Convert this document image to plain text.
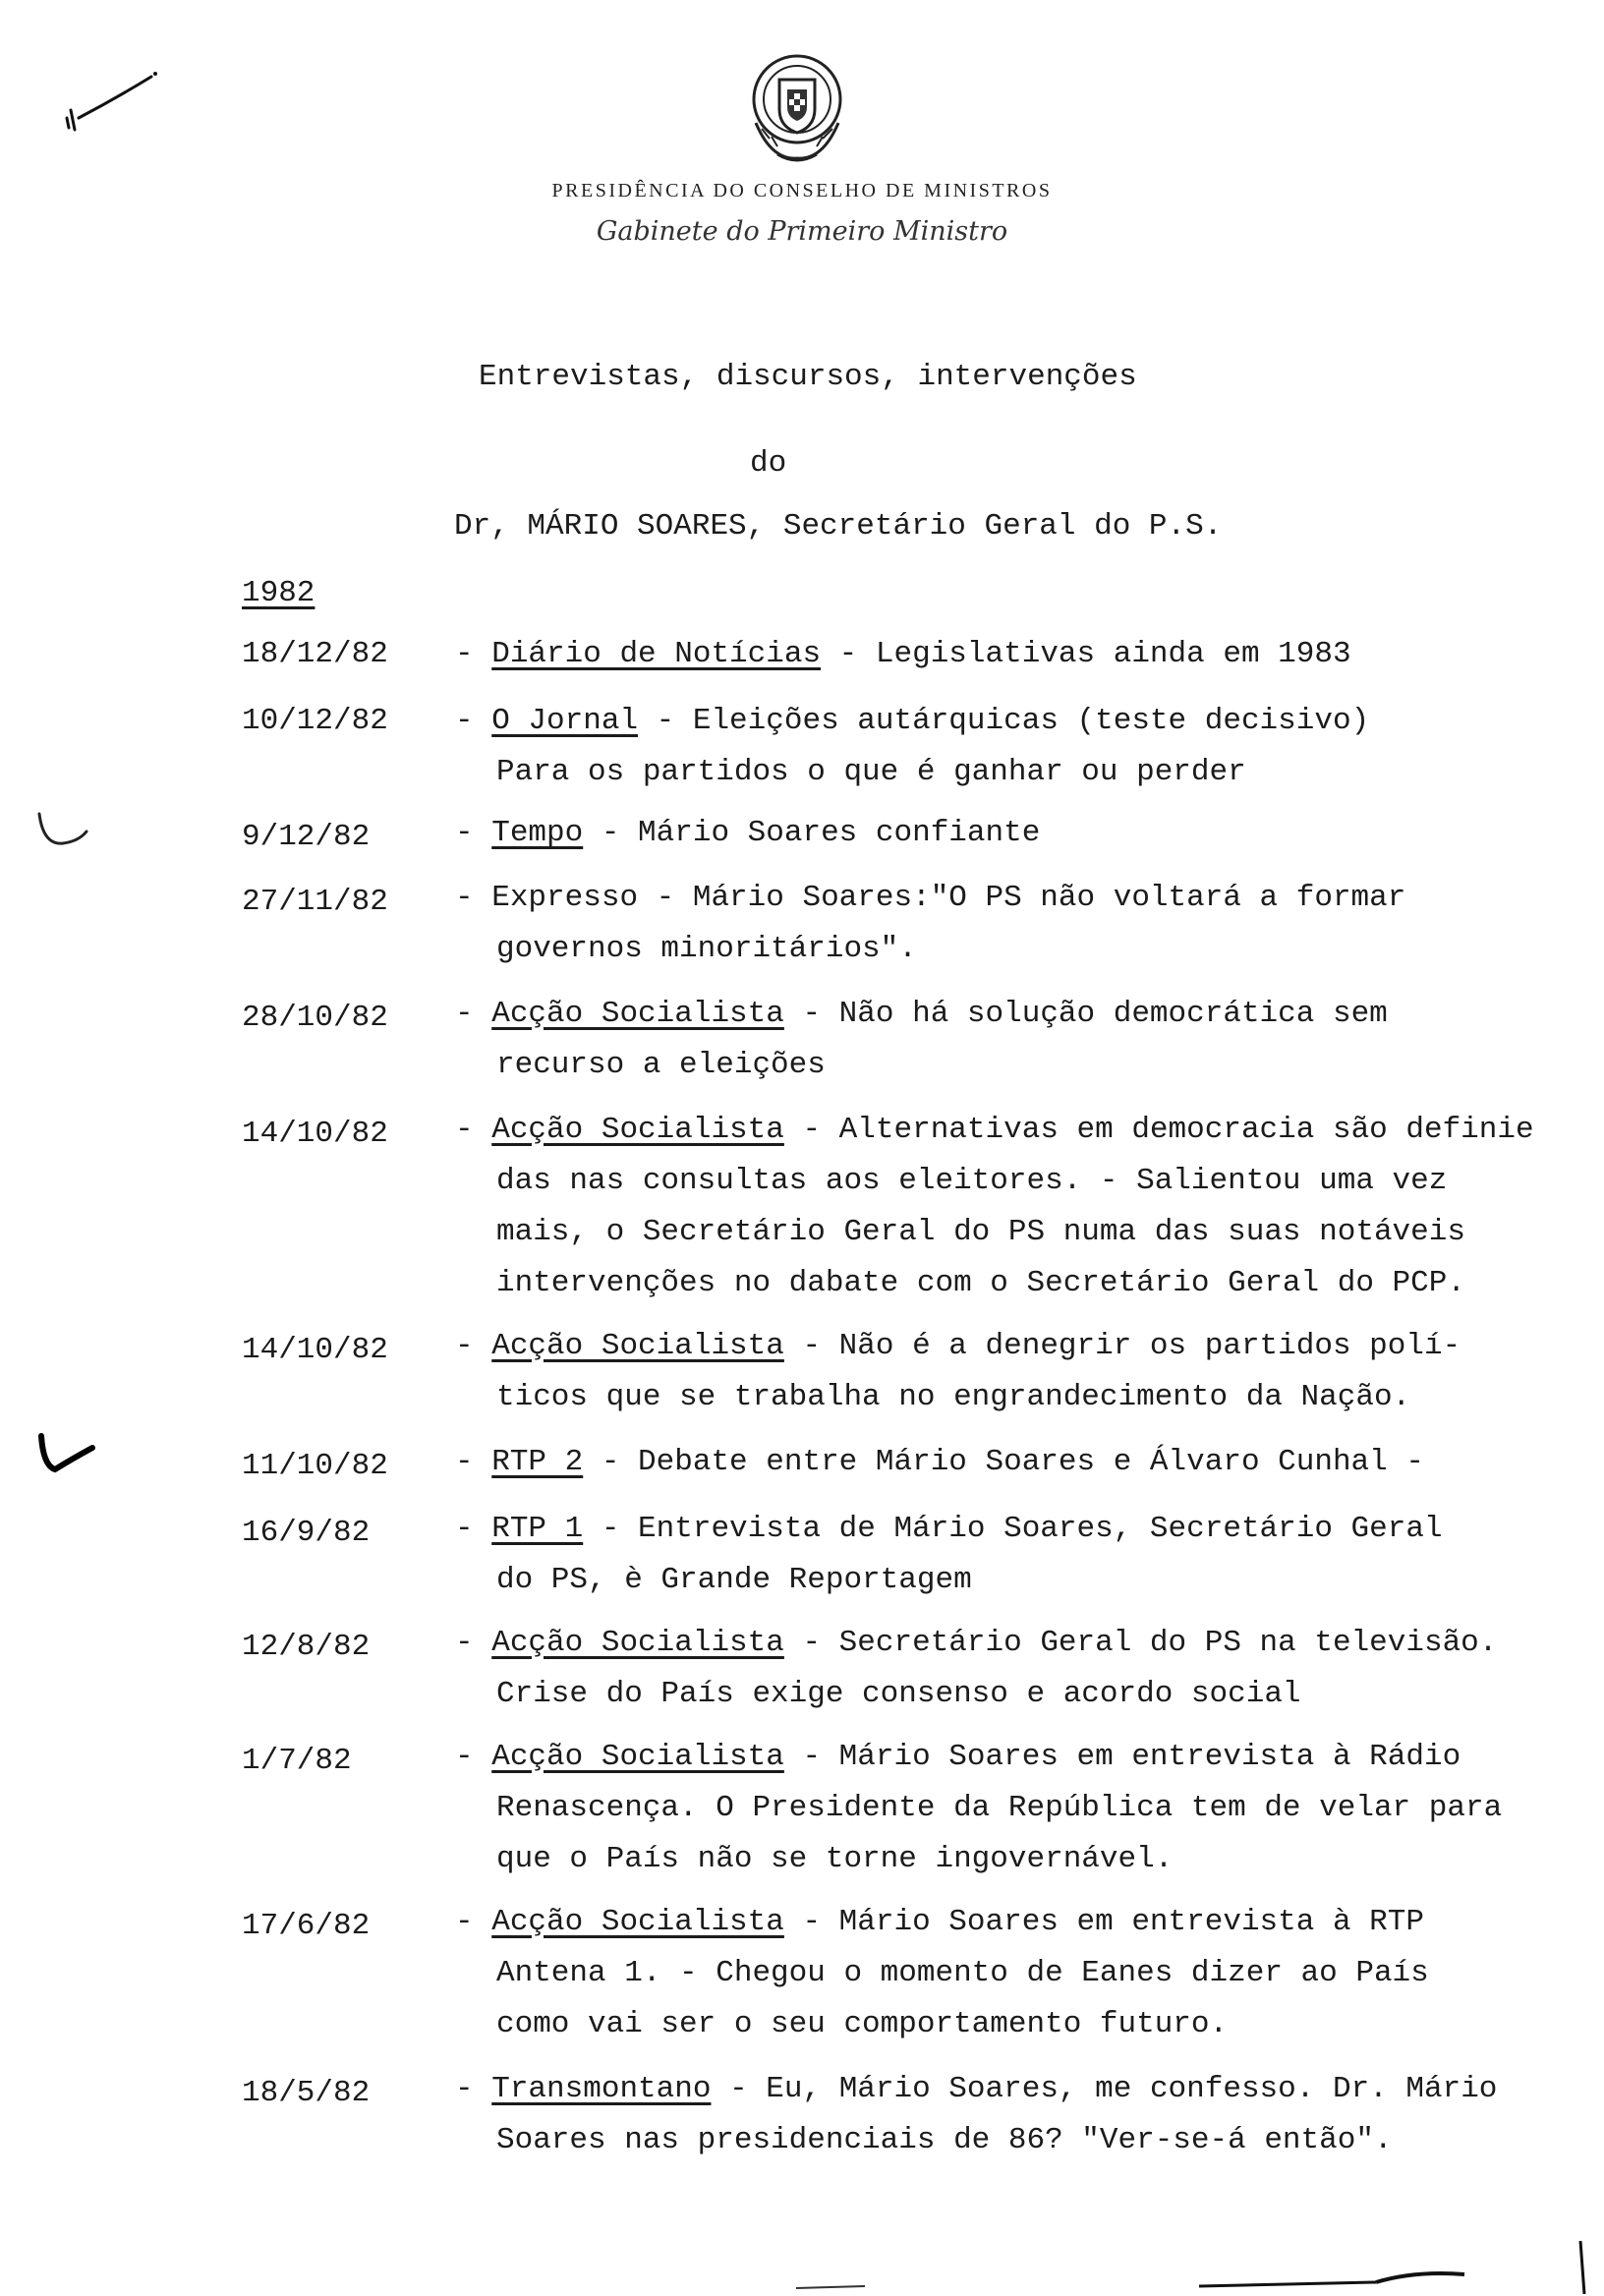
PRESIDÊNCIA DO CONSELHO DE MINISTROS
Gabinete do Primeiro Ministro
Entrevistas, discursos, intervenções
do
Dr, MÁRIO SOARES, Secretário Geral do P.S.
1982
18/12/82 - Diário de Notícias - Legislativas ainda em 1983
10/12/82 - O Jornal - Eleições autárquicas (teste decisivo)
Para os partidos o que é ganhar ou perder
9/12/82	- Tempo - Mário Soares confiante
27/11/82 - Expresso - Mário Soares:"O PS não voltará a formar
governos minoritários".
28/10/82 - Acção Socialista - Não há solução democrática sem
recurso a eleições
14/10/82 - Acção Socialista - Alternativas em democracia são definie
das nas consultas aos eleitores. - Salientou uma vez
mais, o Secretário Geral do PS numa das suas notáveis
intervenções no dabate com o Secretário Geral do PCP.
14/10/82 - Acção Socialista - Não é a denegrir os partidos polí-
ticos que se trabalha no engrandecimento da Nação.
11/10/82 - RTP 2 - Debate entre Mário Soares e Álvaro Cunhal -
16/9/82	- RTP 1 - Entrevista de Mário Soares, Secretário Geral
do PS, è Grande Reportagem
12/8/82	- Acção Socialista - Secretário Geral do PS na televisão.
Crise do País exige consenso e acordo social
1/7/82	- Acção Socialista - Mário Soares em entrevista à Rádio
Renascença. O Presidente da República tem de velar para
que o País não se torne ingovernável.
17/6/82	- Acção Socialista - Mário Soares em entrevista à RTP
Antena 1. - Chegou o momento de Eanes dizer ao País
como vai ser o seu comportamento futuro.
18/5/82	- Transmontano - Eu, Mário Soares, me confesso. Dr. Mário
Soares nas presidenciais de 86? "Ver-se-á então".
